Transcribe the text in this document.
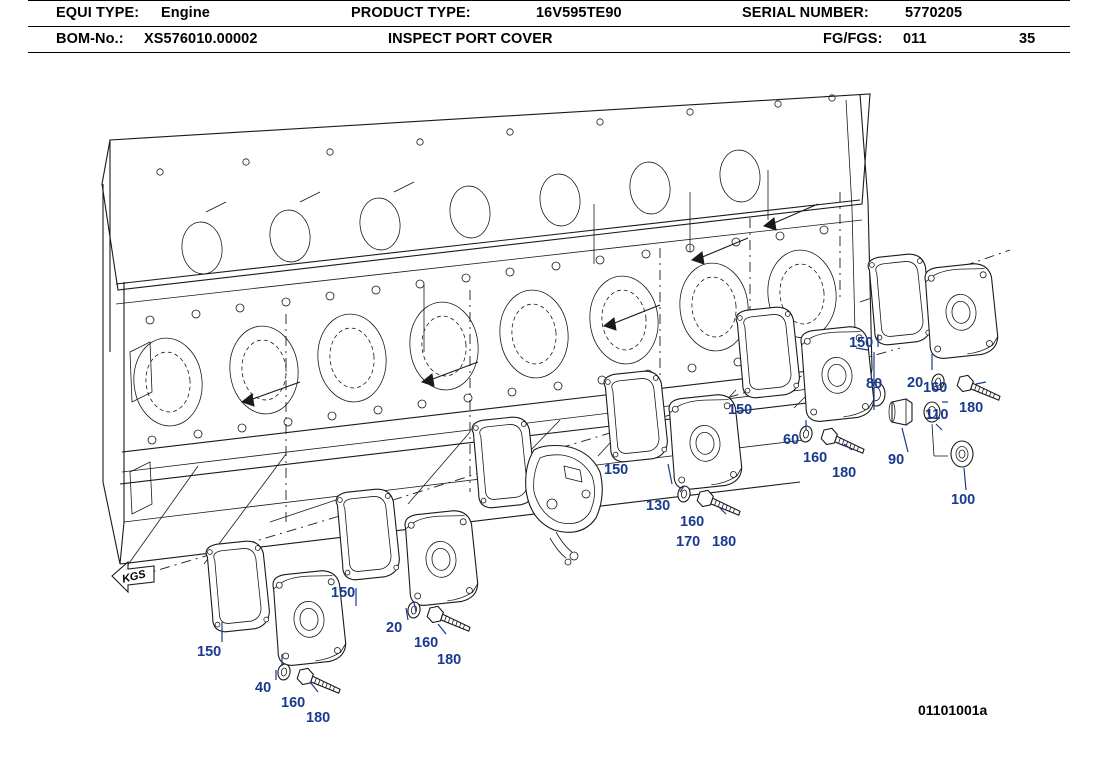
EQUI TYPE: Engine	PRODUCT TYPE:	16V595TE90	SERIAL NUMBER: 5770205
BOM-No.: XS576010.00002	INSPECT PORT COVER	FG/FGS: 011	35
150
20
180
160
80
110
90
60
160
180
100
150
150
130
160
170 180
150
20
160
180
150
40
160
180
KGS
01101001a
